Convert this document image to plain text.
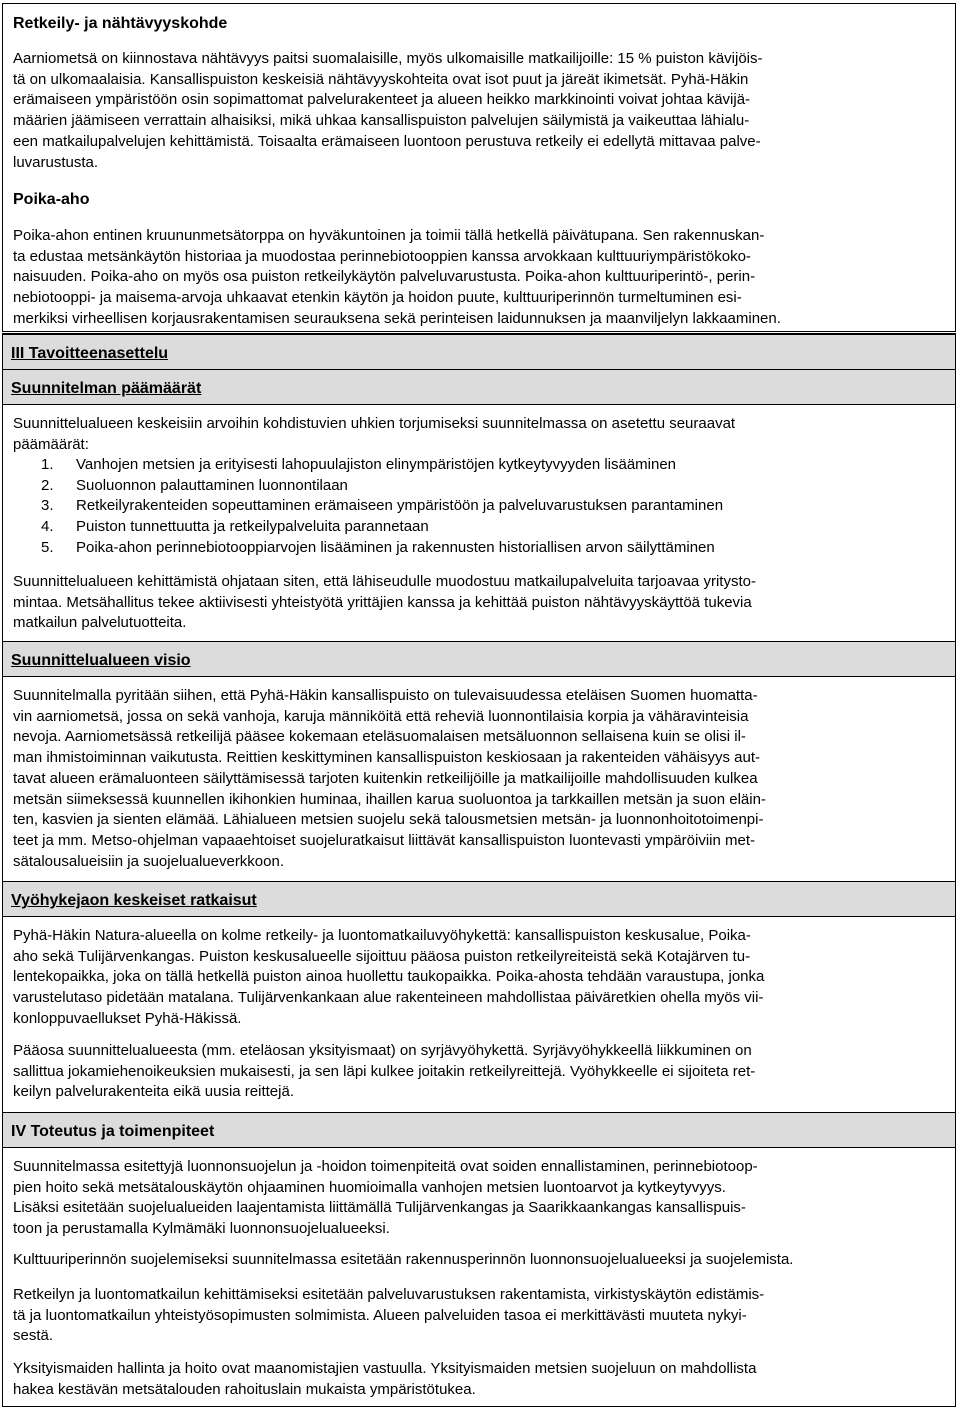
Retkeily- ja nähtävyyskohde
Aarniometsä on kiinnostava nähtävyys paitsi suomalaisille, myös ulkomaisille matkailijoille: 15 % puiston kävijöis-
tä on ulkomaalaisia. Kansallispuiston keskeisiä nähtävyyskohteita ovat isot puut ja järeät ikimetsät. Pyhä-Häkin
erämaiseen ympäristöön osin sopimattomat palvelurakenteet ja alueen heikko markkinointi voivat johtaa kävijä-
määrien jäämiseen verrattain alhaisiksi, mikä uhkaa kansallispuiston palvelujen säilymistä ja vaikeuttaa lähialu-
een matkailupalvelujen kehittämistä. Toisaalta erämaiseen luontoon perustuva retkeily ei edellytä mittavaa palve-
luvarustusta.
Poika-aho
Poika-ahon entinen kruununmetsätorppa on hyväkuntoinen ja toimii tällä hetkellä päivätupana. Sen rakennuskan-
ta edustaa metsänkäytön historiaa ja muodostaa perinnebiotooppien kanssa arvokkaan kulttuuriympäristökoko-
naisuuden. Poika-aho on myös osa puiston retkeilykäytön palveluvarustusta. Poika-ahon kulttuuriperintö-, perin-
nebiotooppi- ja maisema-arvoja uhkaavat etenkin käytön ja hoidon puute, kulttuuriperinnön turmeltuminen esi-
merkiksi virheellisen korjausrakentamisen seurauksena sekä perinteisen laidunnuksen ja maanviljelyn lakkaaminen.
III Tavoitteenasettelu
Suunnitelman päämäärät
Suunnittelualueen keskeisiin arvoihin kohdistuvien uhkien torjumiseksi suunnitelmassa on asetettu seuraavat
päämäärät:
1. Vanhojen metsien ja erityisesti lahopuulajiston elinympäristöjen kytkeytyvyyden lisääminen
2. Suoluonnon palauttaminen luonnontilaan
3. Retkeilyrakenteiden sopeuttaminen erämaiseen ympäristöön ja palveluvarustuksen parantaminen
4. Puiston tunnettuutta ja retkeilypalveluita parannetaan
5. Poika-ahon perinnebiotooppiarvojen lisääminen ja rakennusten historiallisen arvon säilyttäminen
Suunnittelualueen kehittämistä ohjataan siten, että lähiseudulle muodostuu matkailupalveluita tarjoavaa yritysto-
mintaa. Metsähallitus tekee aktiivisesti yhteistyötä yrittäjien kanssa ja kehittää puiston nähtävyyskäyttöä tukevia
matkailun palvelutuotteita.
Suunnittelualueen visio
Suunnitelmalla pyritään siihen, että Pyhä-Häkin kansallispuisto on tulevaisuudessa eteläisen Suomen huomatta-
vin aarniometsä, jossa on sekä vanhoja, karuja männiköitä että reheviä luonnontilaisia korpia ja vähäravinteisia
nevoja. Aarniometsässä retkeilijä pääsee kokemaan eteläsuomalaisen metsäluonnon sellaisena kuin se olisi il-
man ihmistoiminnan vaikutusta. Reittien keskittyminen kansallispuiston keskiosaan ja rakenteiden vähäisyys aut-
tavat alueen erämaluonteen säilyttämisessä tarjoten kuitenkin retkeilijöille ja matkailijoille mahdollisuuden kulkea
metsän siimeksessä kuunnellen ikihonkien huminaa, ihaillen karua suoluontoa ja tarkkaillen metsän ja suon eläin-
ten, kasvien ja sienten elämää. Lähialueen metsien suojelu sekä talousmetsien metsän- ja luonnonhoitotoimenpi-
teet ja mm. Metso-ohjelman vapaaehtoiset suojeluratkaisut liittävät kansallispuiston luontevasti ympäröiviin met-
sätalousalueisiin ja suojelualueverkkoon.
Vyöhykejaon keskeiset ratkaisut
Pyhä-Häkin Natura-alueella on kolme retkeily- ja luontomatkailuvyöhykettä: kansallispuiston keskusalue, Poika-
aho sekä Tulijärvenkangas. Puiston keskusalueelle sijoittuu pääosa puiston retkeilyreiteistä sekä Kotajärven tu-
lentekopaikka, joka on tällä hetkellä puiston ainoa huollettu taukopaikka. Poika-ahosta tehdään varaustupa, jonka
varustelutaso pidetään matalana. Tulijärvenkankaan alue rakenteineen mahdollistaa päiväretkien ohella myös vii-
konloppuvaellukset Pyhä-Häkissä.
Pääosa suunnittelualueesta (mm. eteläosan yksityismaat) on syrjävyöhykettä. Syrjävyöhykkeellä liikkuminen on
sallittua jokamiehenoikeuksien mukaisesti, ja sen läpi kulkee joitakin retkeilyreittejä. Vyöhykkeelle ei sijoiteta ret-
keilyn palvelurakenteita eikä uusia reittejä.
IV Toteutus ja toimenpiteet
Suunnitelmassa esitettyjä luonnonsuojelun ja -hoidon toimenpiteitä ovat soiden ennallistaminen, perinnebiotoop-
pien hoito sekä metsätalouskäytön ohjaaminen huomioimalla vanhojen metsien luontoarvot ja kytkeytyvyys.
Lisäksi esitetään suojelualueiden laajentamista liittämällä Tulijärvenkangas ja Saarikkaankangas kansallispuis-
toon ja perustamalla Kylmämäki luonnonsuojelualueeksi.
Kulttuuriperinnön suojelemiseksi suunnitelmassa esitetään rakennusperinnön luonnonsuojelualueeksi ja suojelemista.
Retkeilyn ja luontomatkailun kehittämiseksi esitetään palveluvarustuksen rakentamista, virkistyskäytön edistämis-
tä ja luontomatkailun yhteistyösopimusten solmimista. Alueen palveluiden tasoa ei merkittävästi muuteta nykyi-
sestä.
Yksityismaiden hallinta ja hoito ovat maanomistajien vastuulla. Yksityismaiden metsien suojeluun on mahdollista
hakea kestävän metsätalouden rahoituslain mukaista ympäristötukea.
